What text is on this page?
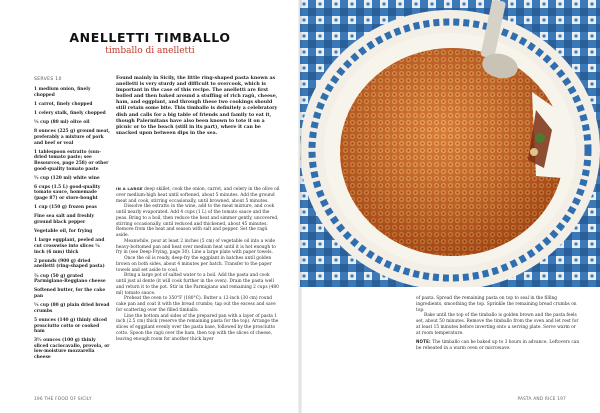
ANELLETTI TIMBALLO
timballo di anelletti
SERVES 10
1 medium onion, finely chopped
1 carrot, finely chopped
1 celery stalk, finely chopped
⅓ cup (80 ml) olive oil
8 ounces (225 g) ground meat, preferably a mixture of pork and beef or veal
1 tablespoon estratto (sun-dried tomato paste; see Resources, page 258) or other good-quality tomato paste
½ cup (120 ml) white wine
6 cups (1.5 L) good-quality tomato sauce, homemade (page 87) or store-bought
1 cup (150 g) frozen peas
Fine sea salt and freshly ground black pepper
Vegetable oil, for frying
1 large eggplant, peeled and cut crosswise into slices ⅛ inch (6 mm) thick
2 pounds (900 g) dried anelletti (ring-shaped pasta)
⅔ cup (50 g) grated Parmigiano-Reggiano cheese
Softened butter, for the cake pan
⅓ cup (80 g) plain dried bread crumbs
5 ounces (140 g) thinly sliced prosciutto cotto or cooked ham
3½ ounces (100 g) thinly sliced caciocavallo, provola, or low-moisture mozzarella cheese
Found mainly in Sicily, the little ring-shaped pasta known as anelletti is very sturdy and difficult to overcook, which is important in the case of this recipe. The anelletti are first boiled and then baked around a stuffing of rich ragù, cheese, ham, and eggplant, and through these two cookings should still retain some bite. This timballo is definitely a celebratory dish and calls for a big table of friends and family to eat it, though Palermitans have also been known to tote it on a picnic or to the beach (still in its part), where it can be snacked upon between dips in the sea.

IN A LARGE deep skillet, cook the onion, carrot, and celery in the olive oil over medium-high heat until softened, about 5 minutes. Add the ground meat and cook, stirring occasionally, until browned, about 5 minutes.

Dissolve the estratto in the wine, add to the meat mixture, and cook until nearly evaporated. Add 4 cups (1 L) of the tomato sauce and the peas. Bring to a boil, then reduce the heat and simmer gently, uncovered, stirring occasionally, until reduced and thickened, about 45 minutes. Remove from the heat and season with salt and pepper. Set the ragù aside.

Meanwhile, pour at least 2 inches (5 cm) of vegetable oil into a wide heavy-bottomed pan and heat over medium heat until it is hot enough to fry in (see Deep-Frying, page 30). Line a large plate with paper towels.

Once the oil is ready, deep-fry the eggplant in batches until golden brown on both sides, about 4 minutes per batch. Transfer to the paper towels and set aside to cool.

Bring a large pot of salted water to a boil. Add the pasta and cook until just al dente (it will cook further in the oven). Drain the pasta well and return it to the pot. Stir in the Parmigiano and remaining 2 cups (480 ml) tomato sauce.

Preheat the oven to 350°F (180°C). Butter a 12-inch (30 cm) round cake pan and coat it with the bread crumbs; tap out the excess and save for scattering over the filled timballo.

Line the bottom and sides of the prepared pan with a layer of pasta 1 inch (2.5 cm) thick (reserve the remaining pasta for the top). Arrange the slices of eggplant evenly over the pasta base, followed by the prosciutto cotto. Spoon the ragù over the ham, then top with the slices of cheese, leaving enough room for another thick layer

196 THE FOOD OF SICILY

of pasta. Spread the remaining pasta on top to seal in the filling ingredients, smoothing the top. Sprinkle the remaining bread crumbs on top.

Bake until the top of the timballo is golden brown and the pasta feels set, about 50 minutes. Remove the timballo from the oven and let rest for at least 15 minutes before inverting onto a serving plate. Serve warm or at room temperature.

NOTE: The timballo can be baked up to 3 hours in advance. Leftovers can be reheated in a warm oven or microwave.

PASTA AND RICE 197
